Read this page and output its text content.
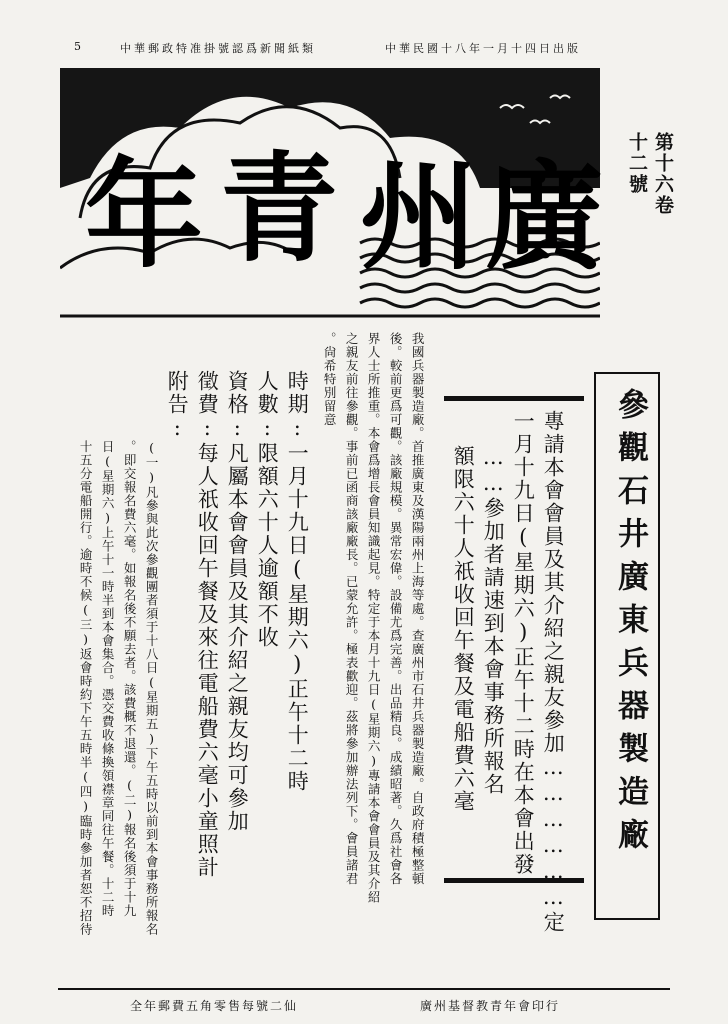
5	中華郵政特准掛號認爲新聞紙類	中華民國十八年一月十四日出版
廣
州
青
年	第十六卷
十二號
參觀石井廣東兵器製造廠
專請本會會員及其介紹之親友參加………………定
一月十九日(星期六)正午十二時在本會出發
……參加者請速到本會事務所報名
額限六十人祇收回午餐及電船費六毫
我國兵器製造廠。首推廣東及漢陽兩州上海等處。查廣州市石井兵器製造廠。自政府積極整頓
後。較前更爲可觀。該廠規模。異常宏偉。設備尤爲完善。出品精良。成績昭著。久爲社會各
界人士所推重。本會爲增長會員知識起見。特定于本月十九日(星期六)專請本會會員及其介紹
之親友前往參觀。事前已函商該廠廠長。已蒙允許。極表歡迎。茲將參加辦法列下。會員諸君
。尙希特別留意
時期:一月十九日(星期六)正午十二時
人數:限額六十人逾額不收
資格:凡屬本會會員及其介紹之親友均可參加
徵費:每人祇收回午餐及來往電船費六毫小童照計
附告:
(一)凡參與此次參觀團者須于十八日(星期五)下午五時以前到本會事務所報名
。即交報名費六毫。如報名後不願去者。該費概不退還。(二)報名後須于十九
日(星期六)上午十一時半到本會集合。憑交費收條換領襟章同往午餐。十二時
十五分電船開行。逾時不候(三)返會時約下午五時半(四)臨時參加者恕不招待
廣州基督教青年會印行
全年郵費五角零售每號二仙
